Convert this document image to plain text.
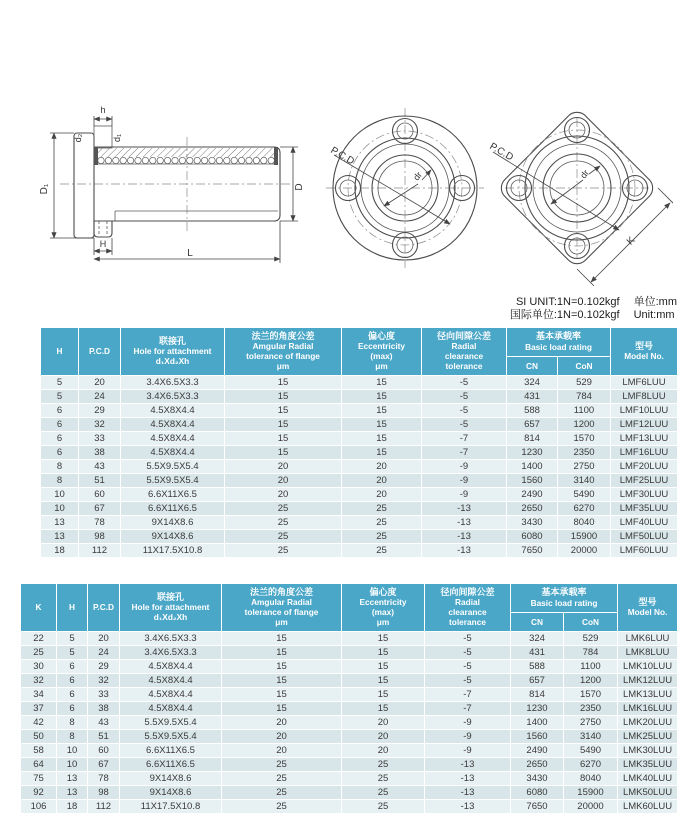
D₁
h
d₂	d₁
D
H
L
P.C.D
dr
P.C.D
dr
K
SI UNIT:1N=0.102kgf 单位:mm
国际单位:1N=0.102kgf Unit:mm
H	P.C.D	
联接孔
Hole for attachment
d₁Xd₂Xh

法兰的角度公差
Amgular Radial
tolerance of flange
μm

偏心度
Eccentricity
(max)
μm

径向间隙公差
Radial
clearance
tolerance

基本承载率
Basic load rating	型号
Model No.

						CN	CoN	
5	20	3.4X6.5X3.3	15	15	-5	324	529	LMF6LUU
5	24	3.4X6.5X3.3	15	15	-5	431	784	LMF8LUU
6	29	4.5X8X4.4	15	15	-5	588	1100	LMF10LUU
6	32	4.5X8X4.4	15	15	-5	657	1200	LMF12LUU
6	33	4.5X8X4.4	15	15	-7	814	1570	LMF13LUU
6	38	4.5X8X4.4	15	15	-7	1230	2350	LMF16LUU
8	43	5.5X9.5X5.4	20	20	-9	1400	2750	LMF20LUU
8	51	5.5X9.5X5.4	20	20	-9	1560	3140	LMF25LUU
10	60	6.6X11X6.5	20	20	-9	2490	5490	LMF30LUU
10	67	6.6X11X6.5	25	25	-13	2650	6270	LMF35LUU
13	78	9X14X8.6	25	25	-13	3430	8040	LMF40LUU
13	98	9X14X8.6	25	25	-13	6080	15900	LMF50LUU
18	112	11X17.5X10.8	25	25	-13	7650	20000	LMF60LUU
K	H	P.C.D	
联接孔
Hole for attachment
d₁Xd₂Xh

法兰的角度公差
Amgular Radial
tolerance of flange
μm

偏心度
Eccentricity
(max)
μm

径向间隙公差
Radial
clearance
tolerance

基本承载率
Basic load rating	型号
Model No.

							CN	CoN	
22	5	20	3.4X6.5X3.3	15	15	-5	324	529	LMK6LUU
25	5	24	3.4X6.5X3.3	15	15	-5	431	784	LMK8LUU
30	6	29	4.5X8X4.4	15	15	-5	588	1100	LMK10LUU
32	6	32	4.5X8X4.4	15	15	-5	657	1200	LMK12LUU
34	6	33	4.5X8X4.4	15	15	-7	814	1570	LMK13LUU
37	6	38	4.5X8X4.4	15	15	-7	1230	2350	LMK16LUU
42	8	43	5.5X9.5X5.4	20	20	-9	1400	2750	LMK20LUU
50	8	51	5.5X9.5X5.4	20	20	-9	1560	3140	LMK25LUU
58	10	60	6.6X11X6.5	20	20	-9	2490	5490	LMK30LUU
64	10	67	6.6X11X6.5	25	25	-13	2650	6270	LMK35LUU
75	13	78	9X14X8.6	25	25	-13	3430	8040	LMK40LUU
92	13	98	9X14X8.6	25	25	-13	6080	15900	LMK50LUU
106	18	112	11X17.5X10.8	25	25	-13	7650	20000	LMK60LUU
